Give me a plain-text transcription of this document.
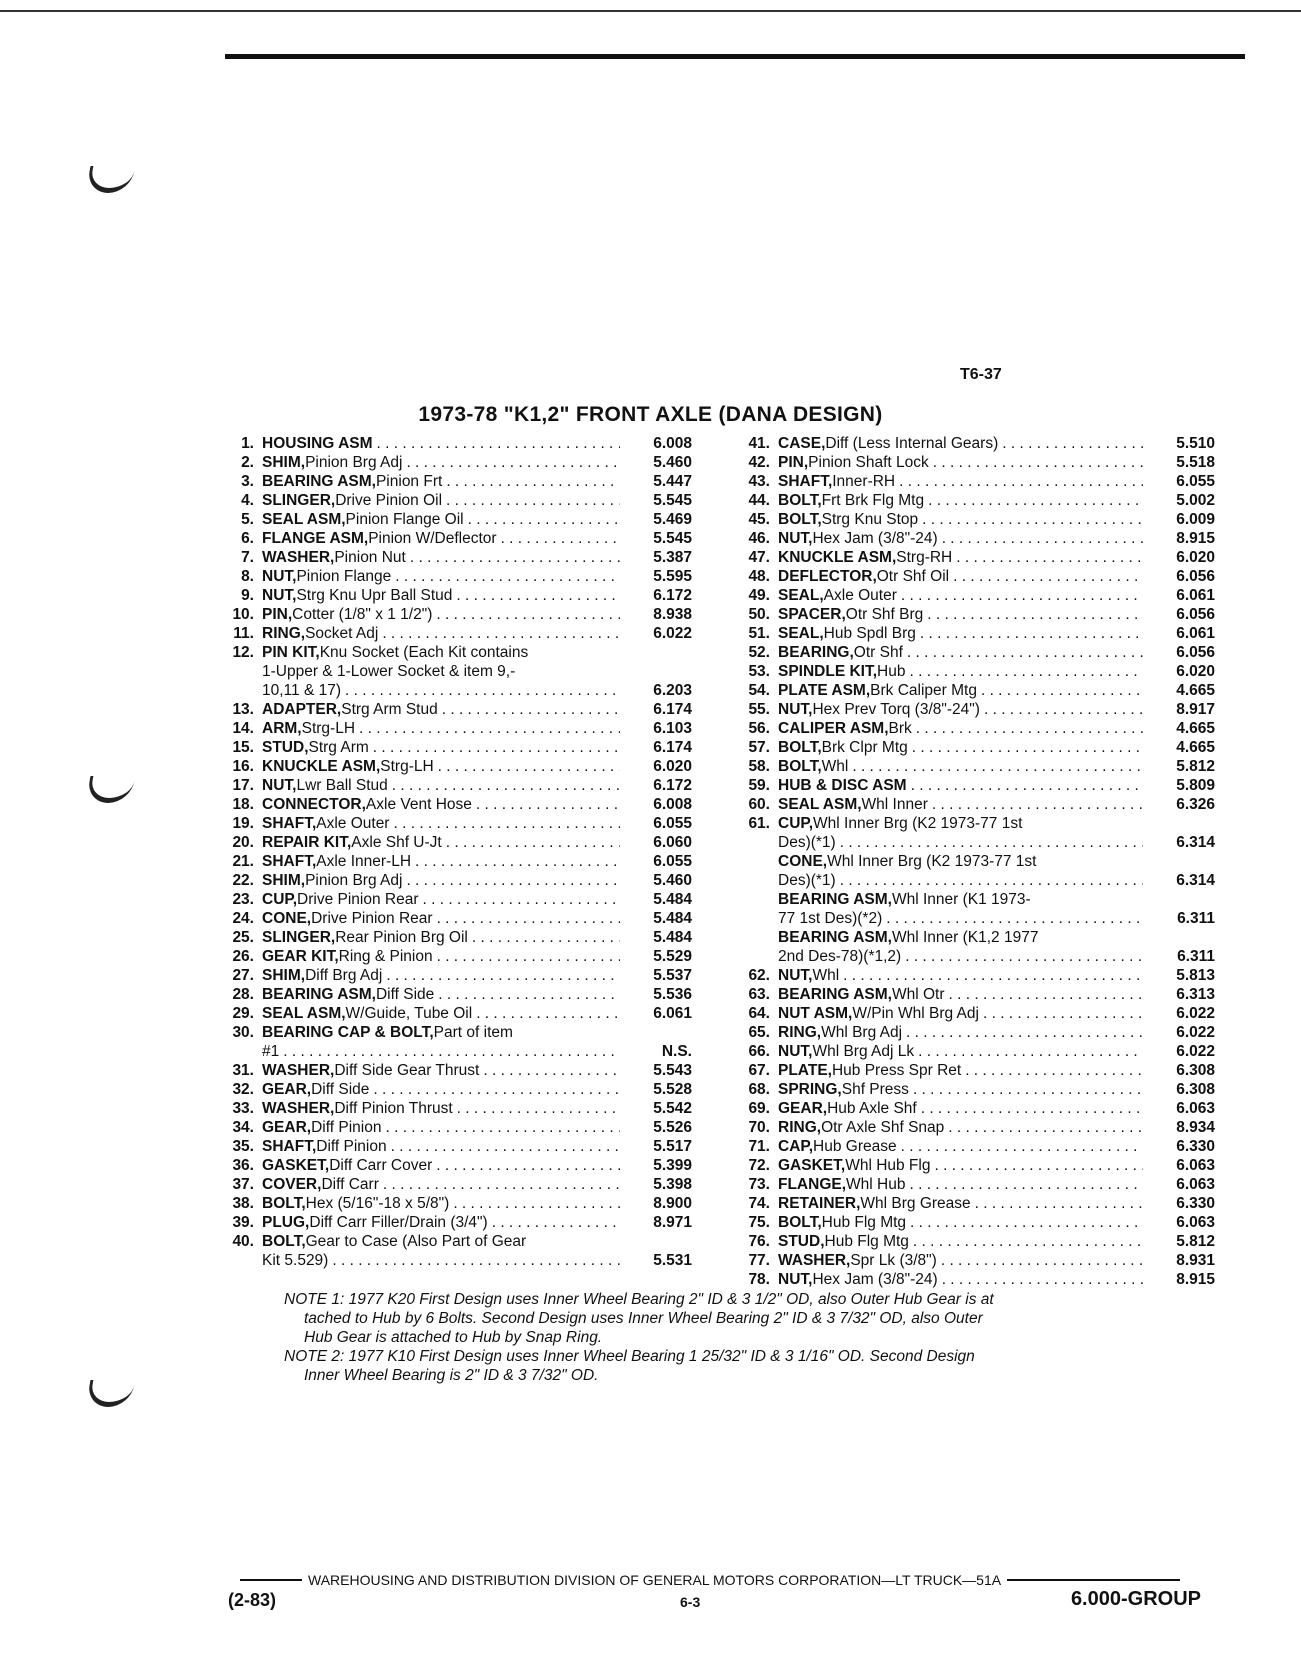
T6-37
1973-78 "K1,2" FRONT AXLE (DANA DESIGN)
1. HOUSING ASM . . .	6.008
2. SHIM, Pinion Brg Adj . . .	5.460
3. BEARING ASM, Pinion Frt . . .	5.447
4. SLINGER, Drive Pinion Oil . . .	5.545
5. SEAL ASM, Pinion Flange Oil . . .	5.469
6. FLANGE ASM, Pinion W/Deflector . . .	5.545
7. WASHER, Pinion Nut . . .	5.387
8. NUT, Pinion Flange . . .	5.595
9. NUT, Strg Knu Upr Ball Stud . . .	6.172
10. PIN, Cotter (1/8" x 1 1/2") . . .	8.938
11. RING, Socket Adj . . .	6.022
12. PIN KIT, Knu Socket (Each Kit contains
1-Upper & 1-Lower Socket & item 9,-
10,11 & 17) . . .	6.203
13. ADAPTER, Strg Arm Stud . . .	6.174
14. ARM, Strg-LH . . .	6.103
15. STUD, Strg Arm . . .	6.174
16. KNUCKLE ASM, Strg-LH . . .	6.020
17. NUT, Lwr Ball Stud . . .	6.172
18. CONNECTOR, Axle Vent Hose . . .	6.008
19. SHAFT, Axle Outer . . .	6.055
20. REPAIR KIT, Axle Shf U-Jt . . .	6.060
21. SHAFT, Axle Inner-LH . . .	6.055
22. SHIM, Pinion Brg Adj . . .	5.460
23. CUP, Drive Pinion Rear . . .	5.484
24. CONE, Drive Pinion Rear . . .	5.484
25. SLINGER, Rear Pinion Brg Oil . . .	5.484
26. GEAR KIT, Ring & Pinion . . .	5.529
27. SHIM, Diff Brg Adj . . .	5.537
28. BEARING ASM, Diff Side . . .	5.536
29. SEAL ASM, W/Guide, Tube Oil . . .	6.061
30. BEARING CAP & BOLT, Part of item
#1 . . .	N.S.
31. WASHER, Diff Side Gear Thrust . . .	5.543
32. GEAR, Diff Side . . .	5.528
33. WASHER, Diff Pinion Thrust . . .	5.542
34. GEAR, Diff Pinion . . .	5.526
35. SHAFT, Diff Pinion . . .	5.517
36. GASKET, Diff Carr Cover . . .	5.399
37. COVER, Diff Carr . . .	5.398
38. BOLT, Hex (5/16"-18 x 5/8") . . .	8.900
39. PLUG, Diff Carr Filler/Drain (3/4") . . .	8.971
40. BOLT, Gear to Case (Also Part of Gear
Kit 5.529) . . .	5.531
41. CASE, Diff (Less Internal Gears) . . .	5.510
42. PIN, Pinion Shaft Lock . . .	5.518
43. SHAFT, Inner-RH . . .	6.055
44. BOLT, Frt Brk Flg Mtg . . .	5.002
45. BOLT, Strg Knu Stop . . .	6.009
46. NUT, Hex Jam (3/8"-24) . . .	8.915
47. KNUCKLE ASM, Strg-RH . . .	6.020
48. DEFLECTOR, Otr Shf Oil . . .	6.056
49. SEAL, Axle Outer . . .	6.061
50. SPACER, Otr Shf Brg . . .	6.056
51. SEAL, Hub Spdl Brg . . .	6.061
52. BEARING, Otr Shf . . .	6.056
53. SPINDLE KIT, Hub . . .	6.020
54. PLATE ASM, Brk Caliper Mtg . . .	4.665
55. NUT, Hex Prev Torq (3/8"-24") . . .	8.917
56. CALIPER ASM, Brk . . .	4.665
57. BOLT, Brk Clpr Mtg . . .	4.665
58. BOLT, Whl . . .	5.812
59. HUB & DISC ASM . . .	5.809
60. SEAL ASM, Whl Inner . . .	6.326
61. CUP, Whl Inner Brg (K2 1973-77 1st
Des)(*1) . . .	6.314
CONE, Whl Inner Brg (K2 1973-77 1st
Des)(*1) . . .	6.314
BEARING ASM, Whl Inner (K1 1973-
77 1st Des)(*2) . . .	6.311
BEARING ASM, Whl Inner (K1,2 1977
2nd Des-78)(*1,2) . . .	6.311
62. NUT, Whl . . .	5.813
63. BEARING ASM, Whl Otr . . .	6.313
64. NUT ASM, W/Pin Whl Brg Adj . . .	6.022
65. RING, Whl Brg Adj . . .	6.022
66. NUT, Whl Brg Adj Lk . . .	6.022
67. PLATE, Hub Press Spr Ret . . .	6.308
68. SPRING, Shf Press . . .	6.308
69. GEAR, Hub Axle Shf . . .	6.063
70. RING, Otr Axle Shf Snap . . .	8.934
71. CAP, Hub Grease . . .	6.330
72. GASKET, Whl Hub Flg . . .	6.063
73. FLANGE, Whl Hub . . .	6.063
74. RETAINER, Whl Brg Grease . . .	6.330
75. BOLT, Hub Flg Mtg . . .	6.063
76. STUD, Hub Flg Mtg . . .	5.812
77. WASHER, Spr Lk (3/8") . . .	8.931
78. NUT, Hex Jam (3/8"-24) . . .	8.915

NOTE 1: 1977 K20 First Design uses Inner Wheel Bearing 2" ID & 3 1/2" OD, also Outer Hub Gear is at
tached to Hub by 6 Bolts. Second Design uses Inner Wheel Bearing 2" ID & 3 7/32" OD, also Outer
Hub Gear is attached to Hub by Snap Ring.

NOTE 2: 1977 K10 First Design uses Inner Wheel Bearing 1 25/32" ID & 3 1/16" OD. Second Design
Inner Wheel Bearing is 2" ID & 3 7/32" OD.

WAREHOUSING AND DISTRIBUTION DIVISION OF GENERAL MOTORS CORPORATION—LT TRUCK—51A
(2-83)	6-3	6.000-GROUP
